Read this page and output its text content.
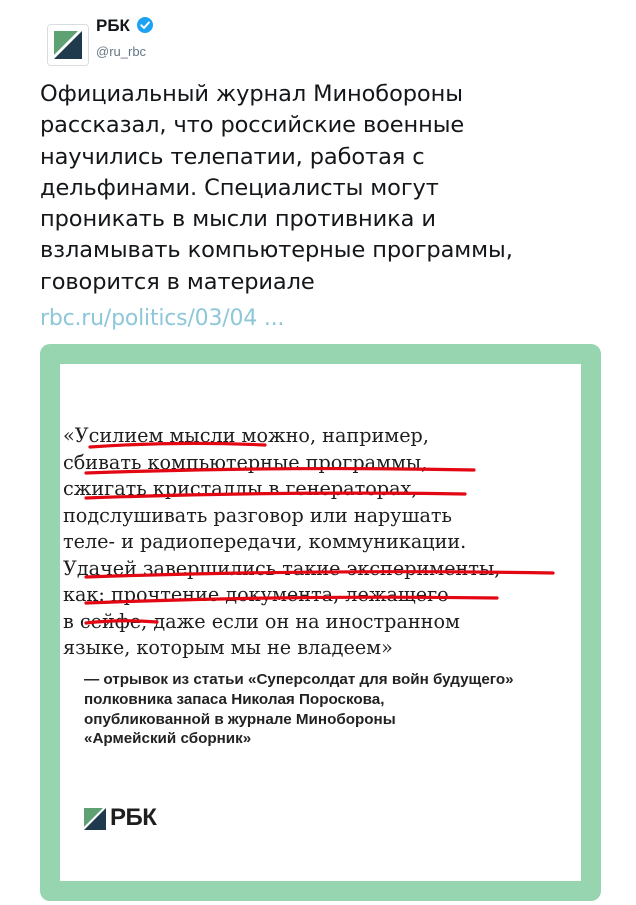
РБК
@ru_rbc

Официальный журнал Минобороны

рассказал, что российские военные

научились телепатии, работая с

дельфинами. Специалисты могут

проникать в мысли противника и

взламывать компьютерные программы,

говорится в материале

rbc.ru/politics/03/04 ...

«Усилием мысли можно, например,

сбивать компьютерные программы,

сжигать кристаллы в генераторах,

подслушивать разговор или нарушать

теле- и радиопередачи, коммуникации.

Удачей завершились такие эксперименты,

как: прочтение документа, лежащего

в сейфе, даже если он на иностранном

языке, которым мы не владеем»

— отрывок из статьи «Суперсолдат для войн будущего»

полковника запаса Николая Пороскова,

опубликованной в журнале Минобороны

«Армейский сборник»

РБК
